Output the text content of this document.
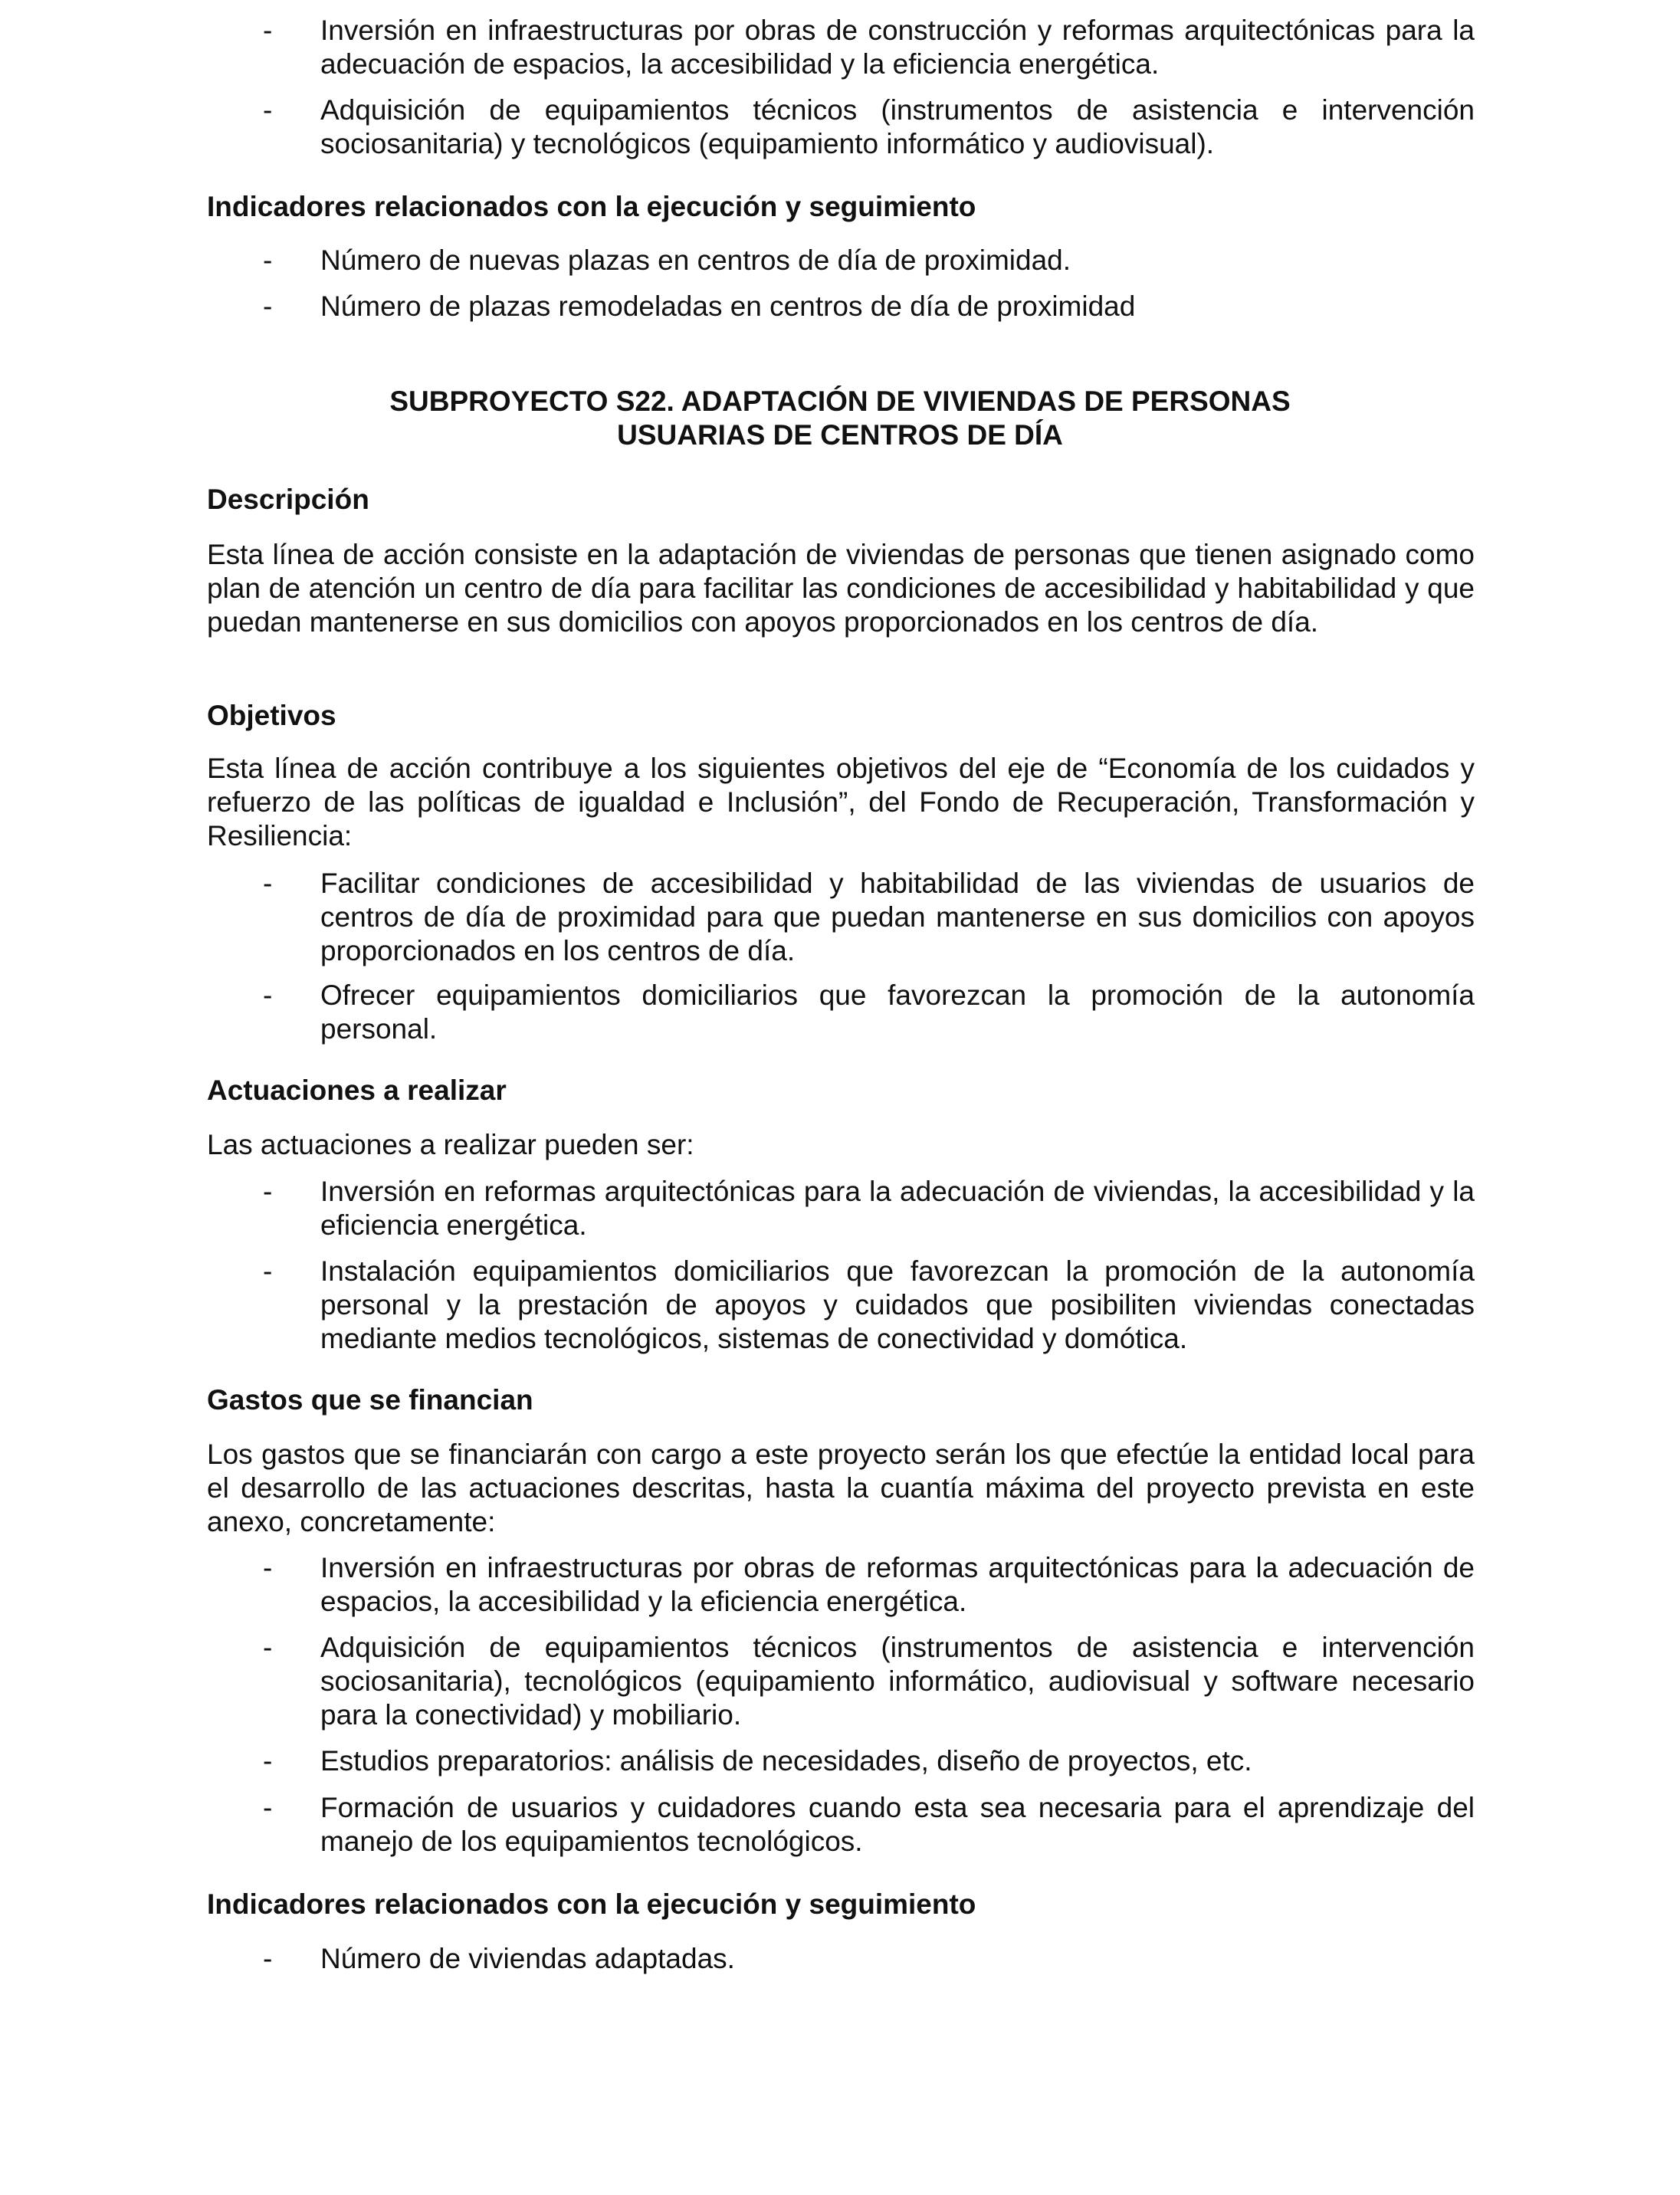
-	Inversión en infraestructuras por obras de construcción y reformas arquitectónicas para la adecuación de espacios, la accesibilidad y la eficiencia energética.
-	Adquisición de equipamientos técnicos (instrumentos de asistencia e intervención sociosanitaria) y tecnológicos (equipamiento informático y audiovisual).
Indicadores relacionados con la ejecución y seguimiento
-	Número de nuevas plazas en centros de día de proximidad.
-	Número de plazas remodeladas en centros de día de proximidad
SUBPROYECTO S22. ADAPTACIÓN DE VIVIENDAS DE PERSONAS
USUARIAS DE CENTROS DE DÍA
Descripción
Esta línea de acción consiste en la adaptación de viviendas de personas que tienen asignado como plan de atención un centro de día para facilitar las condiciones de accesibilidad y habitabilidad y que puedan mantenerse en sus domicilios con apoyos proporcionados en los centros de día.
Objetivos
Esta línea de acción contribuye a los siguientes objetivos del eje de “Economía de los cuidados y refuerzo de las políticas de igualdad e Inclusión”, del Fondo de Recuperación, Transformación y Resiliencia:
-	Facilitar condiciones de accesibilidad y habitabilidad de las viviendas de usuarios de centros de día de proximidad para que puedan mantenerse en sus domicilios con apoyos proporcionados en los centros de día.
-	Ofrecer equipamientos domiciliarios que favorezcan la promoción de la autonomía personal.
Actuaciones a realizar
Las actuaciones a realizar pueden ser:
-	Inversión en reformas arquitectónicas para la adecuación de viviendas, la accesibilidad y la eficiencia energética.
-	Instalación equipamientos domiciliarios que favorezcan la promoción de la autonomía personal y la prestación de apoyos y cuidados que posibiliten viviendas conectadas mediante medios tecnológicos, sistemas de conectividad y domótica.
Gastos que se financian
Los gastos que se financiarán con cargo a este proyecto serán los que efectúe la entidad local para el desarrollo de las actuaciones descritas, hasta la cuantía máxima del proyecto prevista en este anexo, concretamente:
-	Inversión en infraestructuras por obras de reformas arquitectónicas para la adecuación de espacios, la accesibilidad y la eficiencia energética.
-	Adquisición de equipamientos técnicos (instrumentos de asistencia e intervención sociosanitaria), tecnológicos (equipamiento informático, audiovisual y software necesario para la conectividad) y mobiliario.
-	Estudios preparatorios: análisis de necesidades, diseño de proyectos, etc.
-	Formación de usuarios y cuidadores cuando esta sea necesaria para el aprendizaje del manejo de los equipamientos tecnológicos.
Indicadores relacionados con la ejecución y seguimiento
-	Número de viviendas adaptadas.
